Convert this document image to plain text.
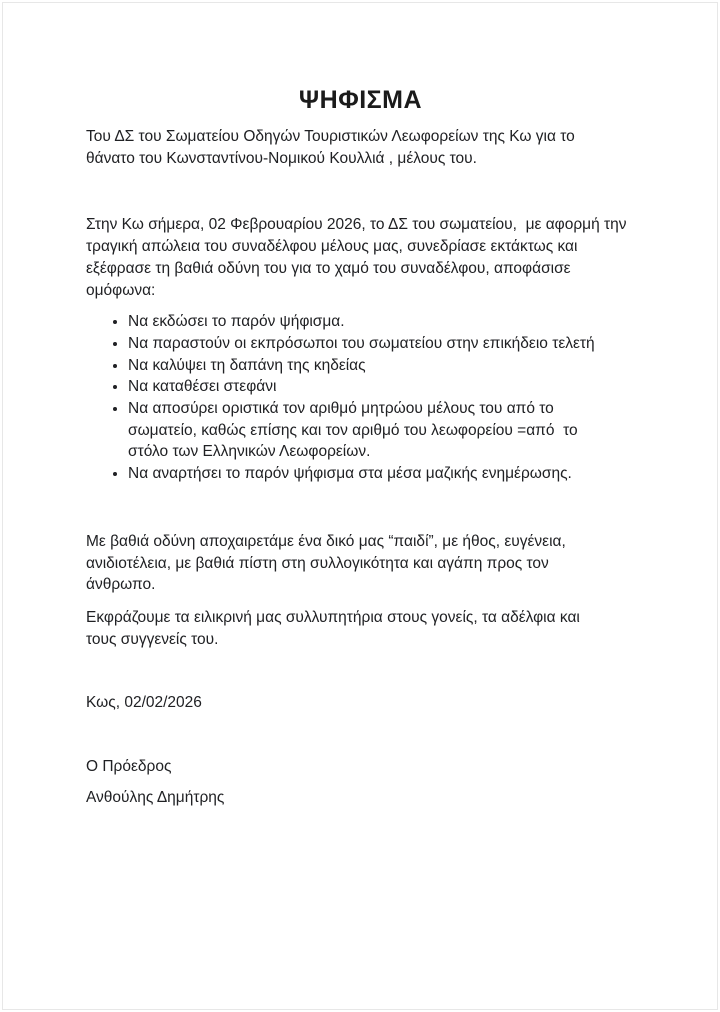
ΨΗΦΙΣΜΑ
Του ΔΣ του Σωματείου Οδηγών Τουριστικών Λεωφορείων της Κω για το
θάνατο του Κωνσταντίνου-Νομικού Κουλλιά , μέλους του.
Στην Κω σήμερα, 02 Φεβρουαρίου 2026, το ΔΣ του σωματείου,  με αφορμή την
τραγική απώλεια του συναδέλφου μέλους μας, συνεδρίασε εκτάκτως και
εξέφρασε τη βαθιά οδύνη του για το χαμό του συναδέλφου, αποφάσισε
ομόφωνα:
• Να εκδώσει το παρόν ψήφισμα.
• Να παραστούν οι εκπρόσωποι του σωματείου στην επικήδειο τελετή
• Να καλύψει τη δαπάνη της κηδείας
• Να καταθέσει στεφάνι
• Να αποσύρει οριστικά τον αριθμό μητρώου μέλους του από το
σωματείο, καθώς επίσης και τον αριθμό του λεωφορείου =από  το
στόλο των Ελληνικών Λεωφορείων.
• Να αναρτήσει το παρόν ψήφισμα στα μέσα μαζικής ενημέρωσης.
Με βαθιά οδύνη αποχαιρετάμε ένα δικό μας “παιδί”, με ήθος, ευγένεια,
ανιδιοτέλεια, με βαθιά πίστη στη συλλογικότητα και αγάπη προς τον
άνθρωπο.
Εκφράζουμε τα ειλικρινή μας συλλυπητήρια στους γονείς, τα αδέλφια και
τους συγγενείς του.
Κως, 02/02/2026
Ο Πρόεδρος
Ανθούλης Δημήτρης
